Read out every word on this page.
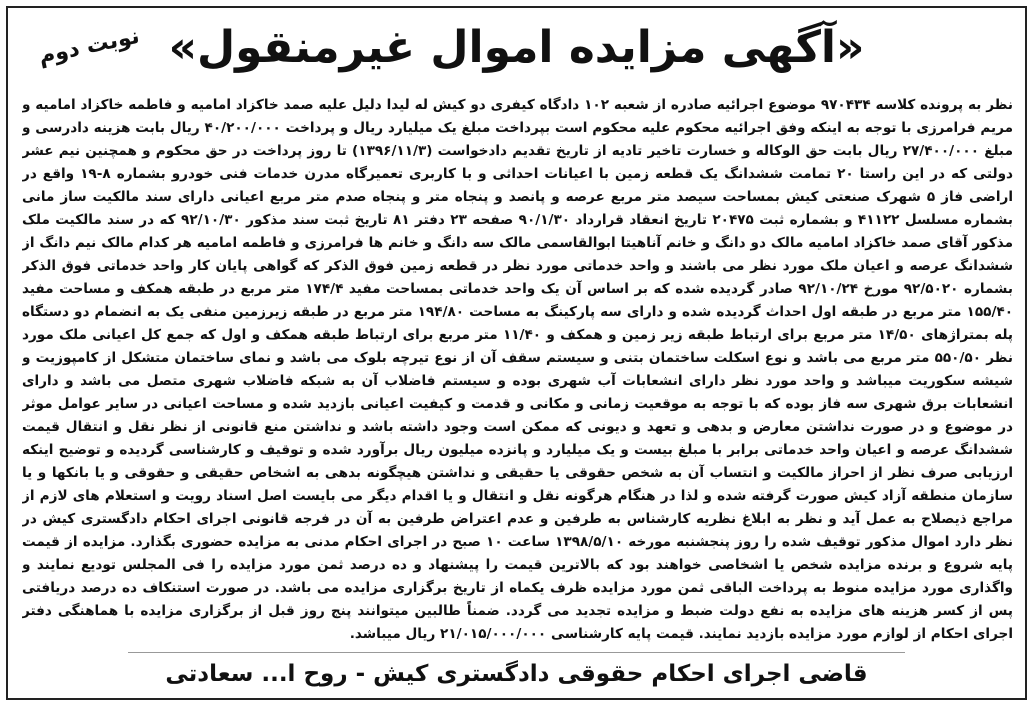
«آگهی مزایده اموال غیرمنقول»
نوبت دوم
نظر به پرونده کلاسه ۹۷۰۴۳۴ موضوع اجرائیه صادره از شعبه ۱۰۲ دادگاه کیفری دو کیش له لیدا دلیل علیه صمد خاکزاد امامیه و فاطمه خاکزاد امامیه و مریم فرامرزی با توجه به اینکه وفق اجرائیه محکوم علیه محکوم است بپرداخت مبلغ یک میلیارد ریال و پرداخت ۴۰/۲۰۰/۰۰۰ ریال بابت هزینه دادرسی و مبلغ ۲۷/۴۰۰/۰۰۰ ریال بابت حق الوکاله و خسارت تاخیر تادیه از تاریخ تقدیم دادخواست (۱۳۹۶/۱۱/۳) تا روز پرداخت در حق محکوم و همچنین نیم عشر دولتی که در این راستا ۲۰ تمامت ششدانگ یک قطعه زمین با اعیانات احداثی و با کاربری تعمیرگاه مدرن خدمات فنی خودرو بشماره ۸-۱۹ واقع در اراضی فاز ۵ شهرک صنعتی کیش بمساحت سیصد متر مربع عرصه و پانصد و پنجاه متر و پنجاه صدم متر مربع اعیانی دارای سند مالکیت ساز مانی بشماره مسلسل ۴۱۱۲۲ و بشماره ثبت ۲۰۴۷۵ تاریخ انعقاد قرارداد ۹۰/۱/۳۰ صفحه ۲۳ دفتر ۸۱ تاریخ ثبت سند مذکور ۹۲/۱۰/۳۰ که در سند مالکیت ملک مذکور آقای صمد خاکزاد امامیه مالک دو دانگ و خانم آناهیتا ابوالقاسمی مالک سه دانگ و خانم ها فرامرزی و فاطمه امامیه هر کدام مالک نیم دانگ از ششدانگ عرصه و اعیان ملک مورد نظر می باشند و واحد خدماتی مورد نظر در قطعه زمین فوق الذکر که گواهی پایان کار واحد خدماتی فوق الذکر بشماره ۹۲/۵۰۲۰ مورخ ۹۲/۱۰/۲۴ صادر گردیده شده که بر اساس آن یک واحد خدماتی بمساحت مفید ۱۷۴/۴ متر مربع در طبقه همکف و مساحت مفید ۱۵۵/۴۰ متر مربع در طبقه اول احداث گردیده شده و دارای سه پارکینگ به مساحت ۱۹۴/۸۰ متر مربع در طبقه زیرزمین منفی یک به انضمام دو دستگاه پله بمتراژهای ۱۴/۵۰ متر مربع برای ارتباط طبقه زیر زمین و همکف و ۱۱/۴۰ متر مربع برای ارتباط طبقه همکف و اول که جمع کل اعیانی ملک مورد نظر ۵۵۰/۵۰ متر مربع می باشد و نوع اسکلت ساختمان بتنی و سیستم سقف آن از نوع تیرچه بلوک می باشد و نمای ساختمان متشکل از کامپوزیت و شیشه سکوریت میباشد و واحد مورد نظر دارای انشعابات آب شهری بوده و سیستم فاضلاب آن به شبکه فاضلاب شهری متصل می باشد و دارای انشعابات برق شهری سه فاز بوده که با توجه به موقعیت زمانی و مکانی و قدمت و کیفیت اعیانی بازدید شده و مساحت اعیانی در سایر عوامل موثر در موضوع و در صورت نداشتن معارض و بدهی و تعهد و دیونی که ممکن است وجود داشته باشد و نداشتن منع قانونی از نظر نقل و انتقال قیمت ششدانگ عرصه و اعیان واحد خدماتی برابر با مبلغ بیست و یک میلیارد و پانزده میلیون ریال برآورد شده و توقیف و کارشناسی گردیده و توضیح اینکه ارزیابی صرف نظر از احراز مالکیت و انتساب آن به شخص حقوقی یا حقیقی و نداشتن هیچگونه بدهی به اشخاص حقیقی و حقوقی و یا بانکها و یا سازمان منطقه آزاد کیش صورت گرفته شده و لذا در هنگام هرگونه نقل و انتقال و یا اقدام دیگر می بایست اصل اسناد رویت و استعلام های لازم از مراجع ذیصلاح به عمل آید و نظر به ابلاغ نظریه کارشناس به طرفین و عدم اعتراض طرفین به آن در فرجه قانونی اجرای احکام دادگستری کیش در نظر دارد اموال مذکور توقیف شده را روز پنجشنبه مورخه ۱۳۹۸/۵/۱۰ ساعت ۱۰ صبح در اجرای احکام مدنی به مزایده حضوری بگذارد. مزایده از قیمت پایه شروع و برنده مزایده شخص یا اشخاصی خواهند بود که بالاترین قیمت را پیشنهاد و ده درصد ثمن مورد مزایده را فی المجلس تودیع نمایند و واگذاری مورد مزایده منوط به پرداخت الباقی ثمن مورد مزایده ظرف یکماه از تاریخ برگزاری مزایده می باشد. در صورت استنکاف ده درصد دریافتی پس از کسر هزینه های مزایده به نفع دولت ضبط و مزایده تجدید می گردد. ضمناً طالبین میتوانند پنج روز قبل از برگزاری مزایده با هماهنگی دفتر اجرای احکام از لوازم مورد مزایده بازدید نمایند. قیمت پایه کارشناسی ۲۱/۰۱۵/۰۰۰/۰۰۰ ریال میباشد.
قاضی اجرای احکام حقوقی دادگستری کیش - روح ا... سعادتی
